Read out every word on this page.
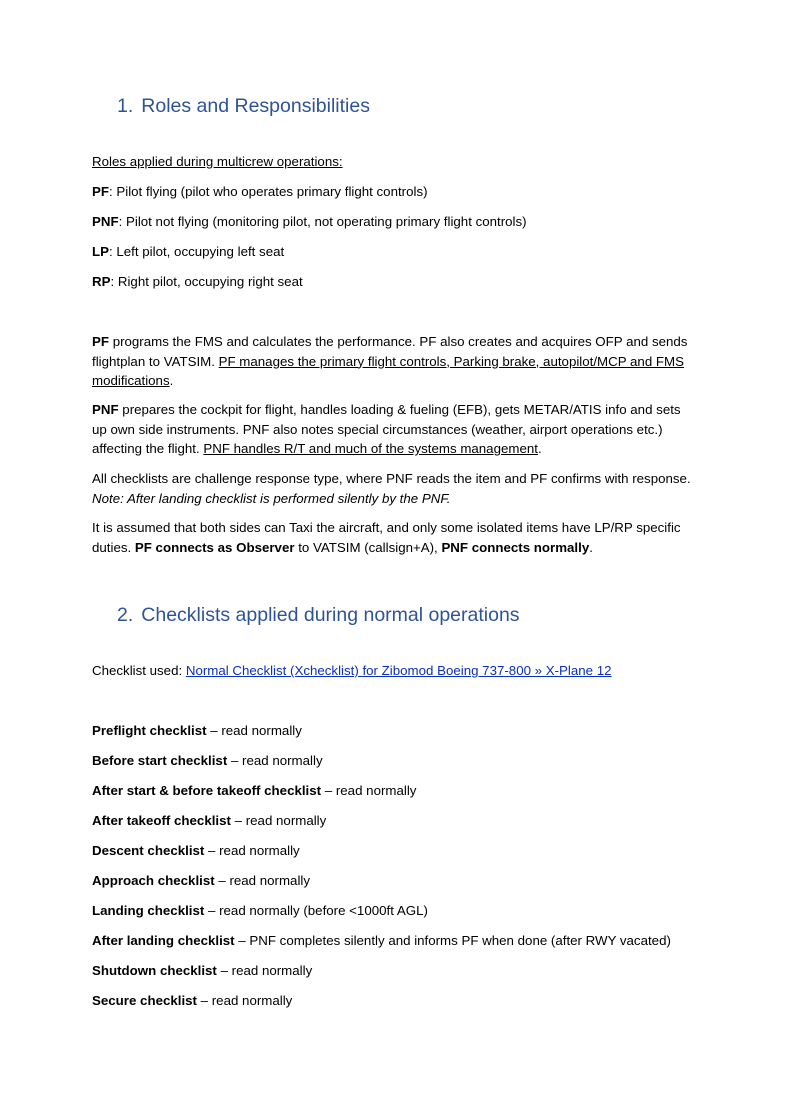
1. Roles and Responsibilities

Roles applied during multicrew operations:

PF: Pilot flying (pilot who operates primary flight controls)

PNF: Pilot not flying (monitoring pilot, not operating primary flight controls)

LP: Left pilot, occupying left seat

RP: Right pilot, occupying right seat

PF programs the FMS and calculates the performance. PF also creates and acquires OFP and sends flightplan to VATSIM. PF manages the primary flight controls, Parking brake, autopilot/MCP and FMS modifications.

PNF prepares the cockpit for flight, handles loading & fueling (EFB), gets METAR/ATIS info and sets up own side instruments. PNF also notes special circumstances (weather, airport operations etc.) affecting the flight. PNF handles R/T and much of the systems management.

All checklists are challenge response type, where PNF reads the item and PF confirms with response.
Note: After landing checklist is performed silently by the PNF.

It is assumed that both sides can Taxi the aircraft, and only some isolated items have LP/RP specific duties. PF connects as Observer to VATSIM (callsign+A), PNF connects normally.

2. Checklists applied during normal operations

Checklist used: Normal Checklist (Xchecklist) for Zibomod Boeing 737-800 » X-Plane 12

Preflight checklist – read normally

Before start checklist – read normally

After start & before takeoff checklist – read normally

After takeoff checklist – read normally

Descent checklist – read normally

Approach checklist – read normally

Landing checklist – read normally (before <1000ft AGL)

After landing checklist – PNF completes silently and informs PF when done (after RWY vacated)

Shutdown checklist – read normally

Secure checklist – read normally
